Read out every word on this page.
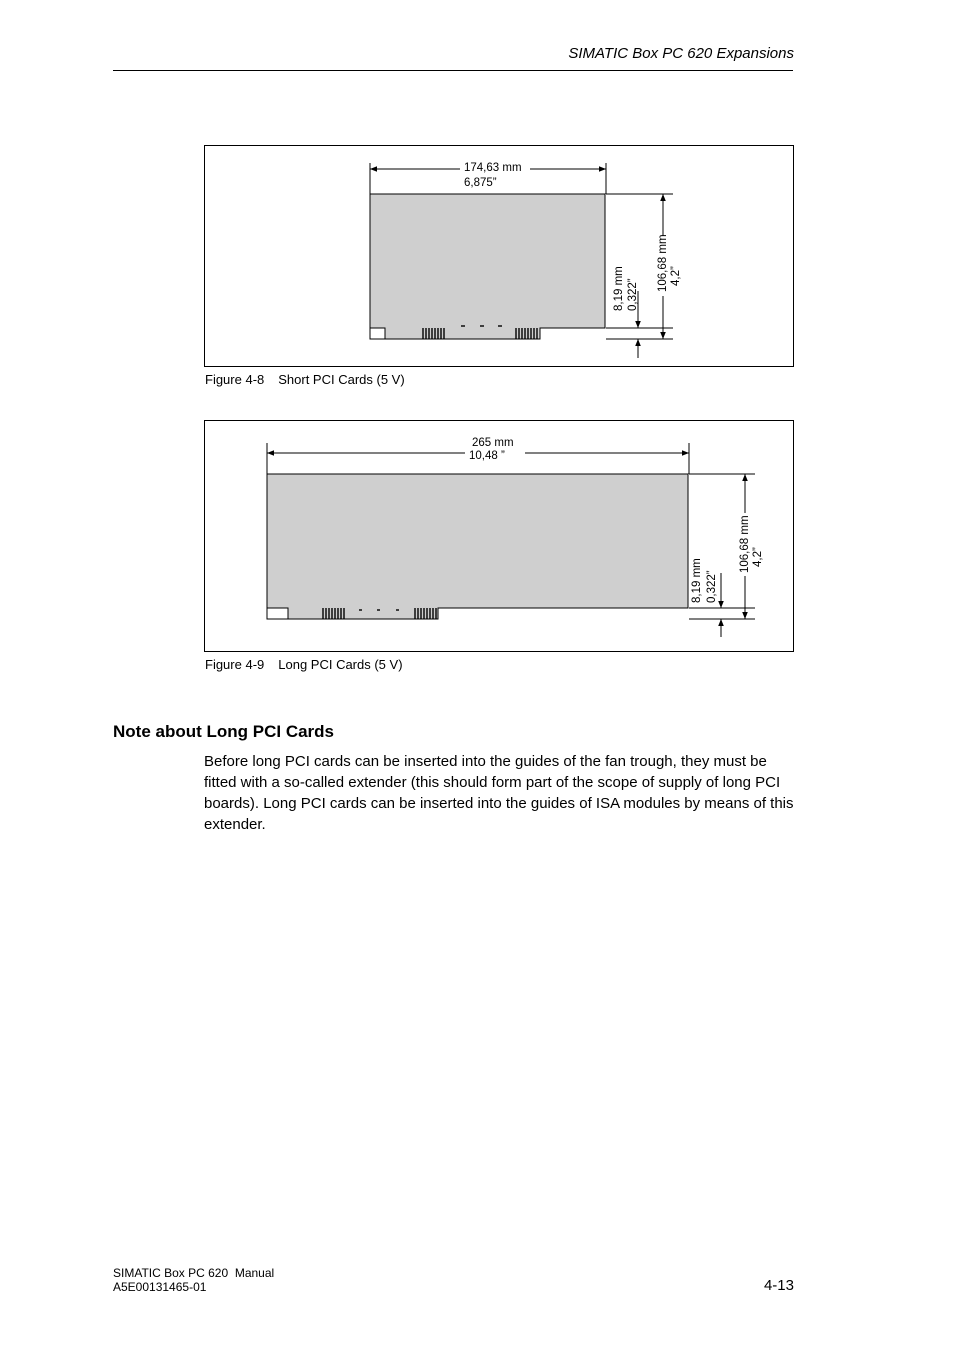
SIMATIC Box PC 620 Expansions
174,63 mm
6,875”
106,68 mm 4,2”
8,19 mm 0,322”
Figure 4-8 Short PCI Cards (5 V)
265 mm
10,48 ”
106,68 mm 4,2”
8,19 mm 0,322”
Figure 4-9 Long PCI Cards (5 V)
Note about Long PCI Cards
Before long PCI cards can be inserted into the guides of the fan trough, they must be fitted with a so-called extender (this should form part of the scope of supply of long PCI boards). Long PCI cards can be inserted into the guides of ISA modules by means of this extender.
SIMATIC Box PC 620  Manual
A5E00131465-01	4-13
